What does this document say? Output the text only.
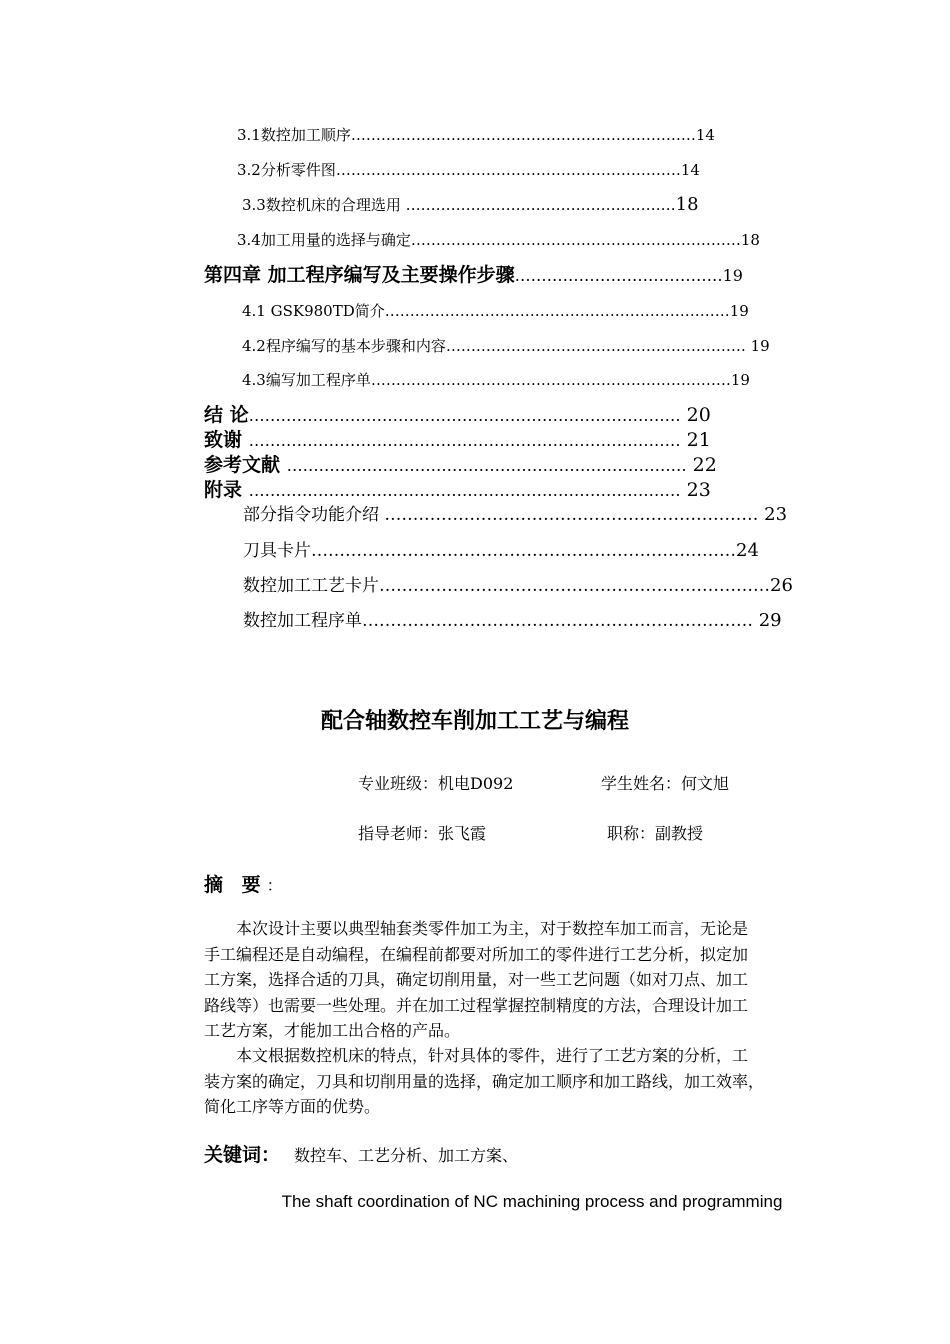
3.1数控加工顺序……………………………………………………………14
3.2分析零件图……………………………………………………………14
3.3数控机床的合理选用 ………………………………………………18
3.4加工用量的选择与确定…………………………………………………………18
第四章 加工程序编写及主要操作步骤…………………………………19
4.1 GSK980TD简介……………………………………………………………19
4.2程序编写的基本步骤和内容…………………………………………………… 19
4.3编写加工程序单………………………………………………………………19
结 论……………………………………………………………………… 20
致谢 ……………………………………………………………………… 21
参考文献 ………………………………………………………………… 22
附录 ……………………………………………………………………… 23
部分指令功能介绍 ………………………………………………………… 23
刀具卡片…………………………………………………………………24
数控加工工艺卡片……………………………………………………………26
数控加工程序单…………………………………………………………… 29
配合轴数控车削加工工艺与编程
专业班级：机电D092	学生姓名：何文旭
指导老师：张飞霞	职称：副教授
摘 要：
　　本次设计主要以典型轴套类零件加工为主，对于数控车加工而言，无论是
手工编程还是自动编程，在编程前都要对所加工的零件进行工艺分析，拟定加
工方案，选择合适的刀具，确定切削用量，对一些工艺问题（如对刀点、加工
路线等）也需要一些处理。并在加工过程掌握控制精度的方法，合理设计加工
工艺方案，才能加工出合格的产品。
　　本文根据数控机床的特点，针对具体的零件，进行了工艺方案的分析，工
装方案的确定，刀具和切削用量的选择，确定加工顺序和加工路线，加工效率，
简化工序等方面的优势。
关键词： 数控车、工艺分析、加工方案、
The shaft coordination of NC machining process and programming
